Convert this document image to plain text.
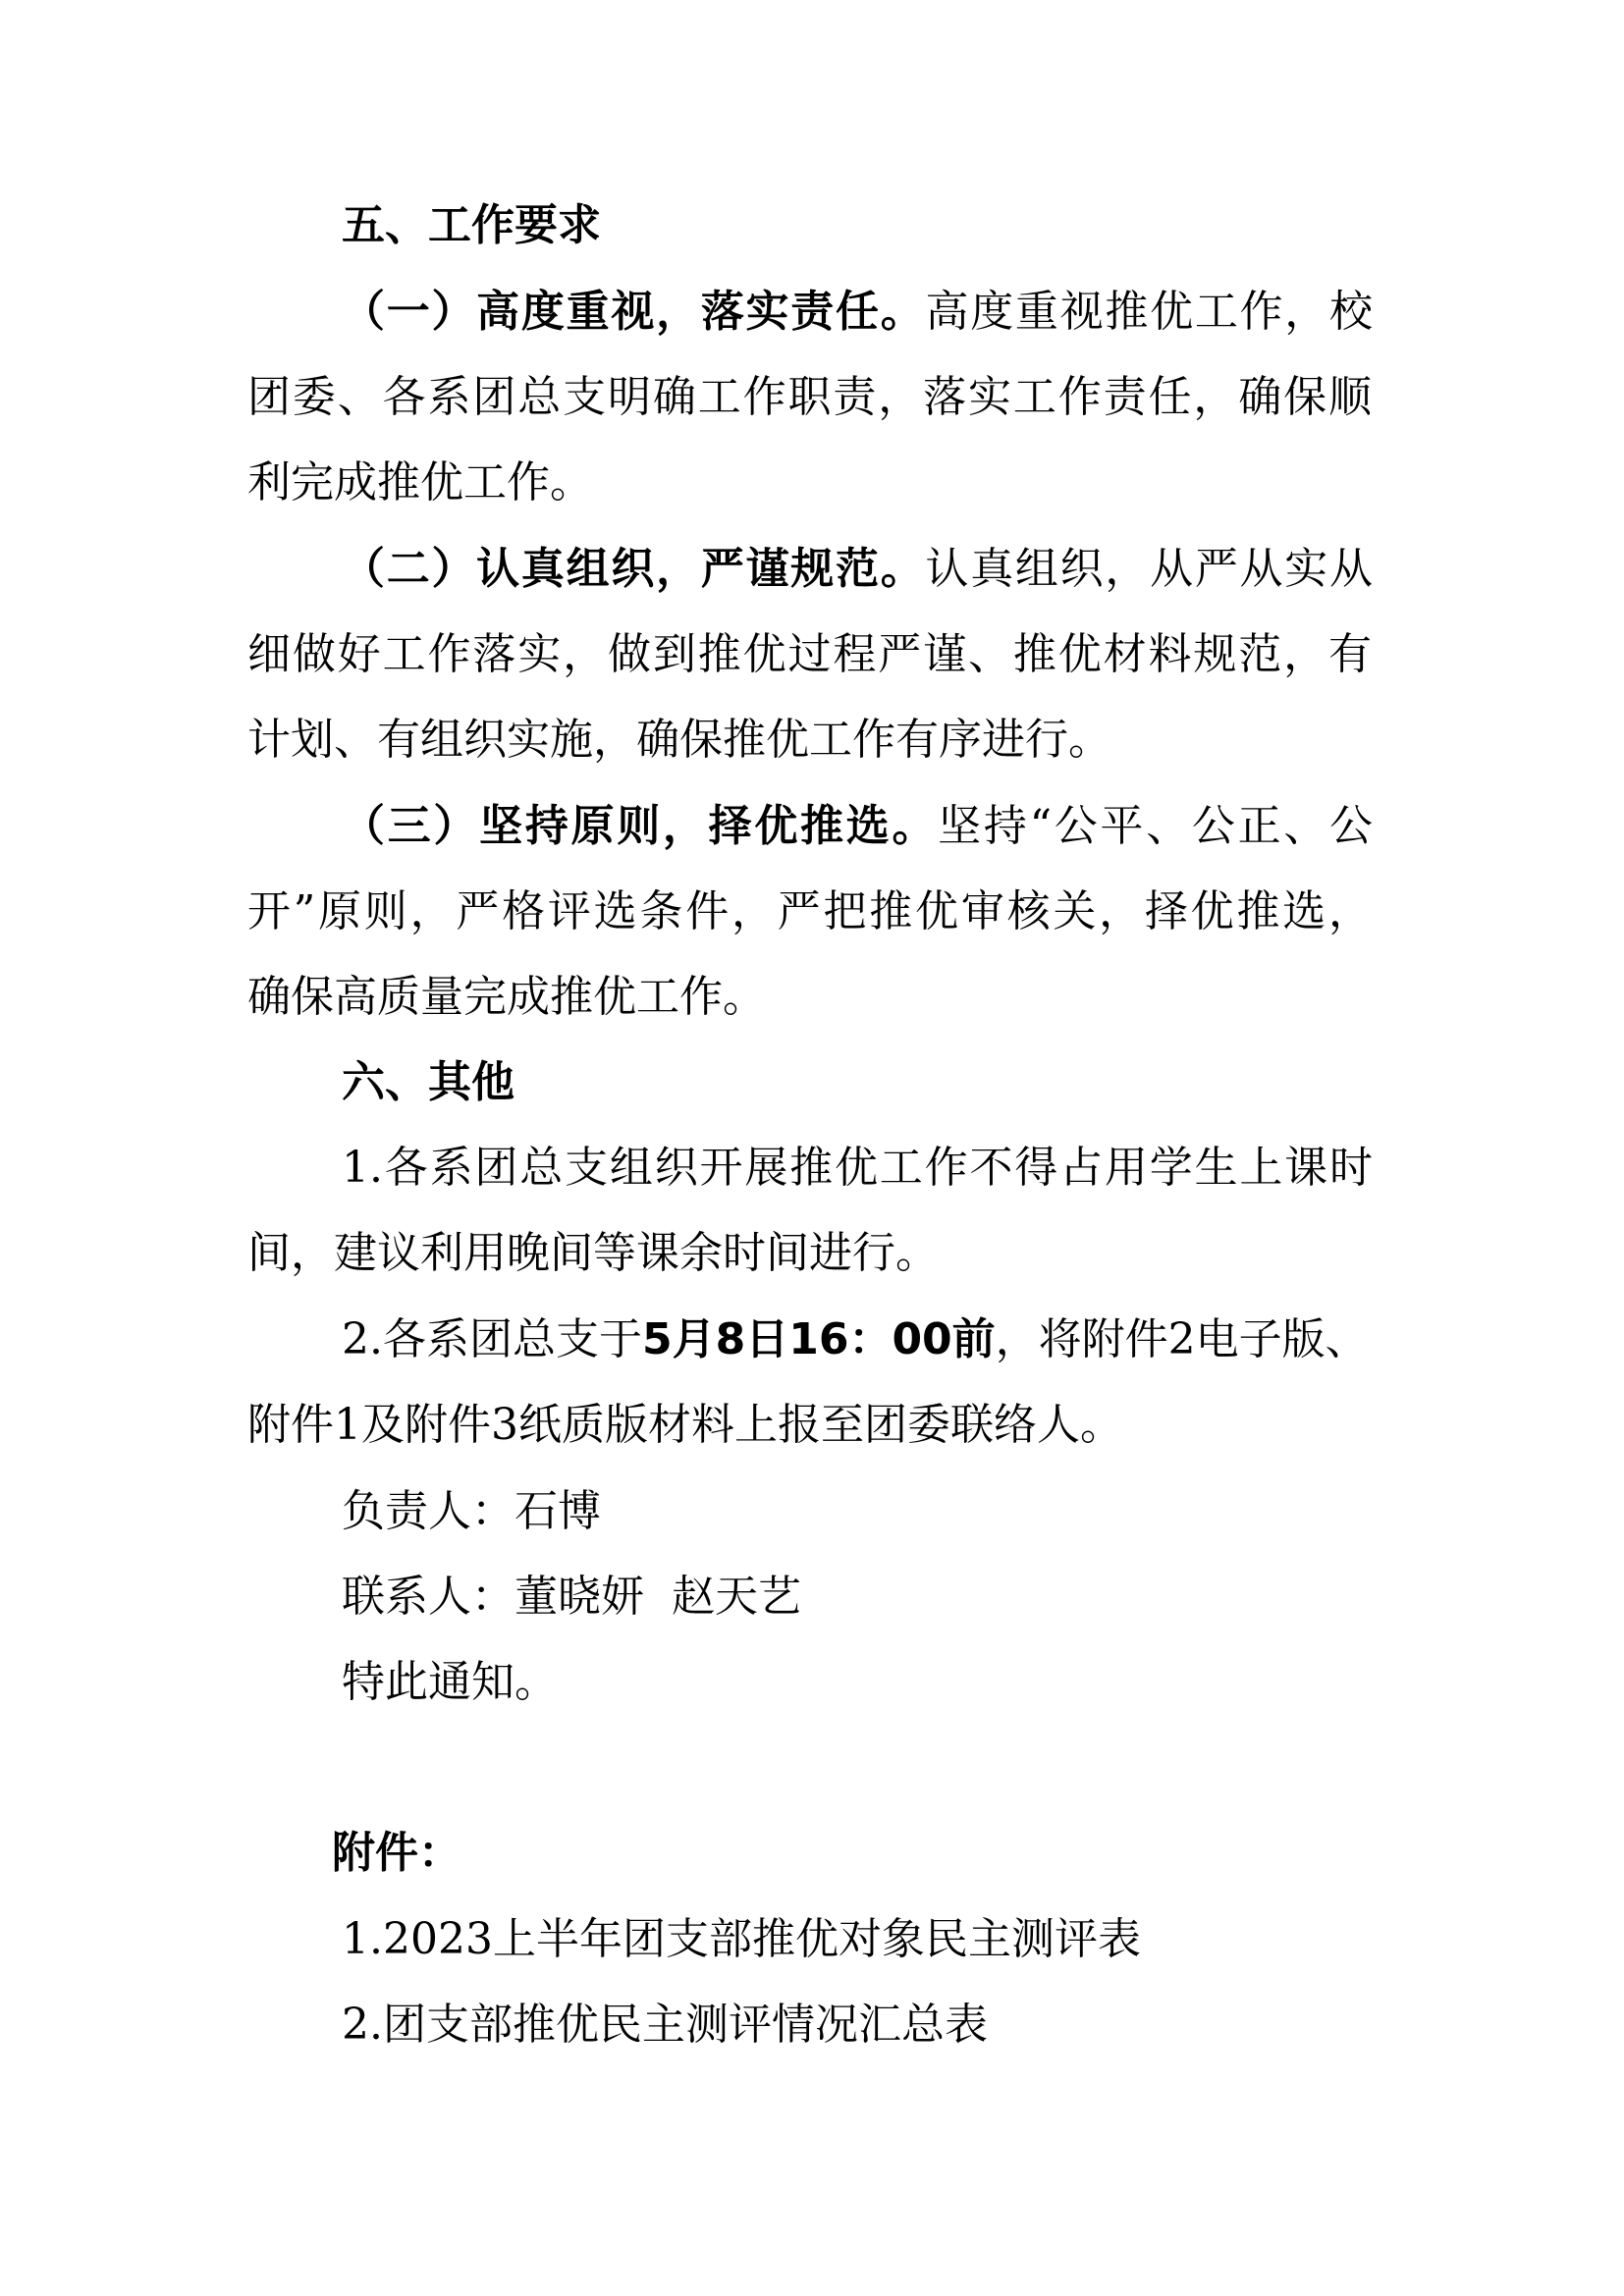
五、工作要求
（一）高度重视，落实责任。高度重视推优工作，校
团委、各系团总支明确工作职责，落实工作责任，确保顺
利完成推优工作。
（二）认真组织，严谨规范。认真组织，从严从实从
细做好工作落实，做到推优过程严谨、推优材料规范，有
计划、有组织实施，确保推优工作有序进行。
（三）坚持原则，择优推选。坚持“公平、公正、公
开”原则，严格评选条件，严把推优审核关，择优推选，
确保高质量完成推优工作。
六、其他
1.各系团总支组织开展推优工作不得占用学生上课时
间，建议利用晚间等课余时间进行。
2.各系团总支于5月8日16：00前，将附件2电子版、
附件1及附件3纸质版材料上报至团委联络人。
负责人：石博
联系人：董晓妍  赵天艺
特此通知。
附件：
1.2023上半年团支部推优对象民主测评表
2.团支部推优民主测评情况汇总表
